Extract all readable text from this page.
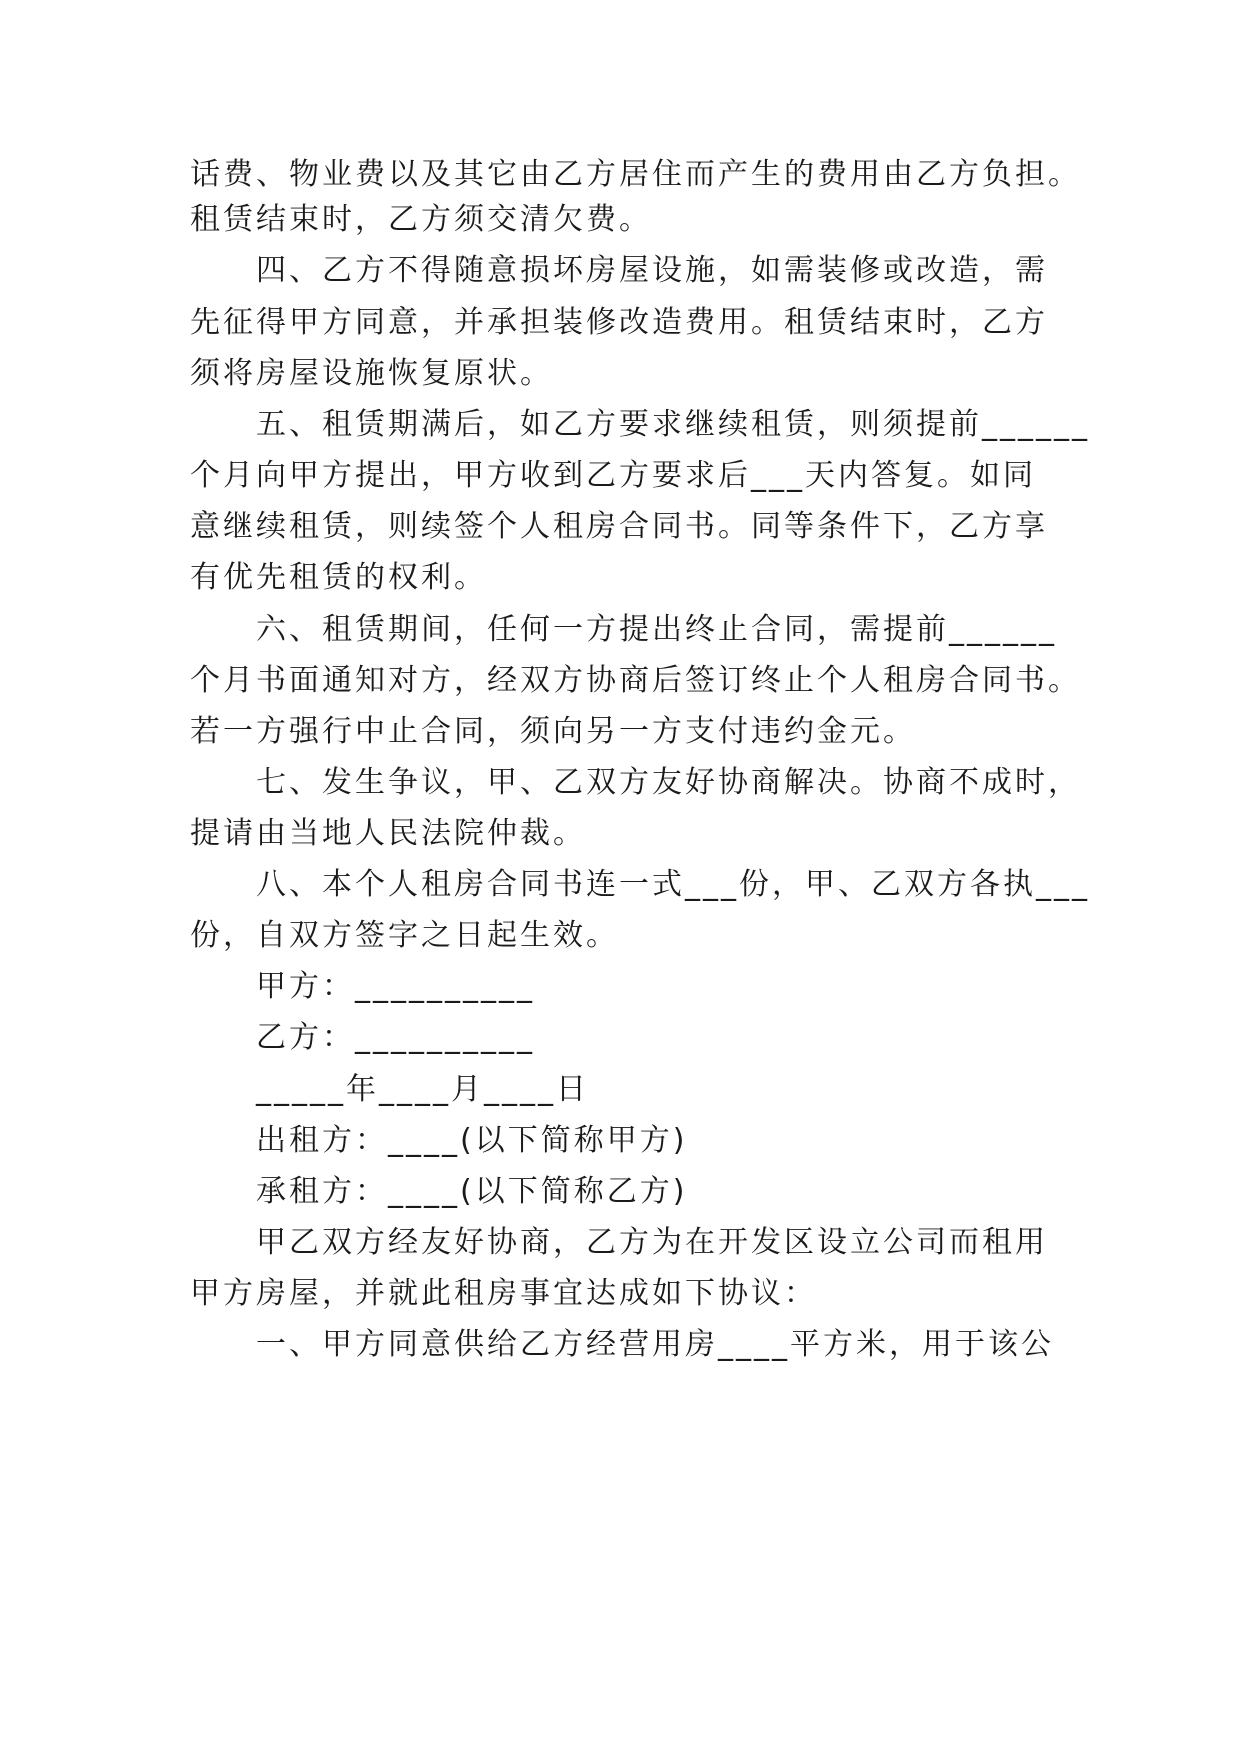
话费、物业费以及其它由乙方居住而产生的费用由乙方负担。
租赁结束时，乙方须交清欠费。
四、乙方不得随意损坏房屋设施，如需装修或改造，需
先征得甲方同意，并承担装修改造费用。租赁结束时，乙方
须将房屋设施恢复原状。
五、租赁期满后，如乙方要求继续租赁，则须提前______
个月向甲方提出，甲方收到乙方要求后___天内答复。如同
意继续租赁，则续签个人租房合同书。同等条件下，乙方享
有优先租赁的权利。
六、租赁期间，任何一方提出终止合同，需提前______
个月书面通知对方，经双方协商后签订终止个人租房合同书。
若一方强行中止合同，须向另一方支付违约金元。
七、发生争议，甲、乙双方友好协商解决。协商不成时，
提请由当地人民法院仲裁。
八、本个人租房合同书连一式___份，甲、乙双方各执___
份，自双方签字之日起生效。
甲方：__________
乙方：__________
_____年____月____日
出租方：____(以下简称甲方)
承租方：____(以下简称乙方)
甲乙双方经友好协商，乙方为在开发区设立公司而租用
甲方房屋，并就此租房事宜达成如下协议：
一、甲方同意供给乙方经营用房____平方米，用于该公
